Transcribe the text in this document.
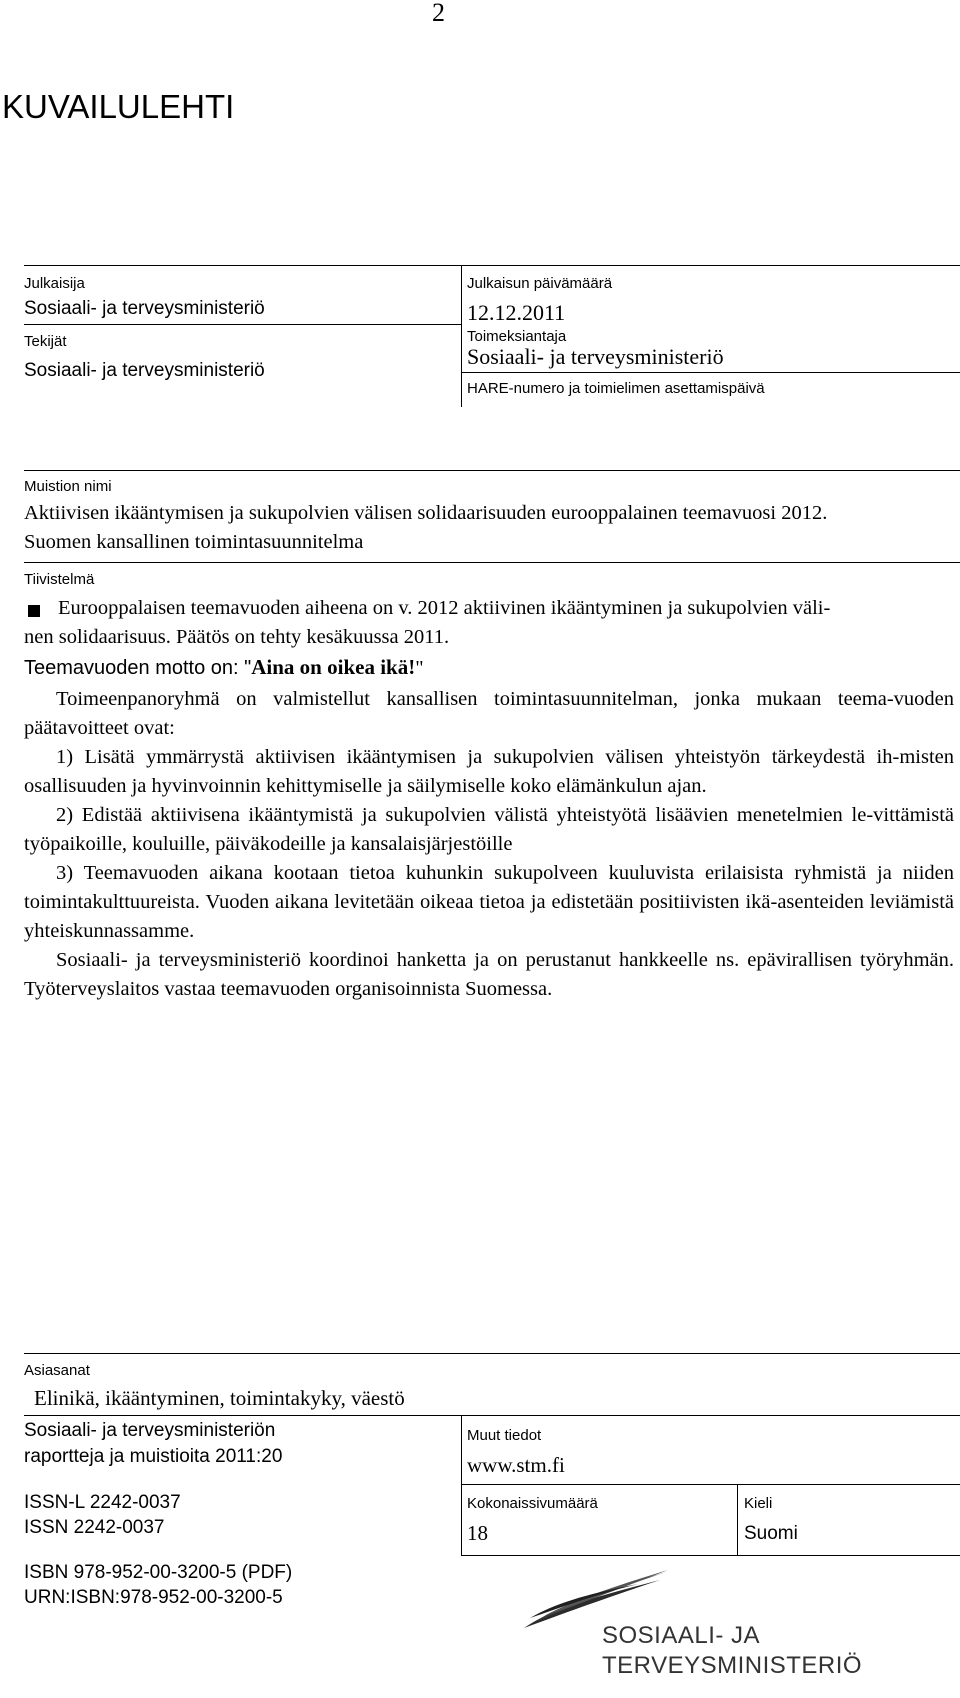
2
KUVAILULEHTI
Julkaisija
Sosiaali- ja terveysministeriö
Tekijät
Sosiaali- ja terveysministeriö
Julkaisun päivämäärä
12.12.2011
Toimeksiantaja
Sosiaali- ja terveysministeriö
HARE-numero ja toimielimen asettamispäivä
Muistion nimi
Aktiivisen ikääntymisen ja sukupolvien välisen solidaarisuuden eurooppalainen teemavuosi 2012.
Suomen kansallinen toimintasuunnitelma
Tiivistelmä
Eurooppalaisen teemavuoden aiheena on v. 2012 aktiivinen ikääntyminen ja sukupolvien väli-
nen solidaarisuus. Päätös on tehty kesäkuussa 2011.
Teemavuoden motto on: "Aina on oikea ikä!"

Toimeenpanoryhmä on valmistellut kansallisen toimintasuunnitelman, jonka mukaan teema-vuoden päätavoitteet ovat:

1) Lisätä ymmärrystä aktiivisen ikääntymisen ja sukupolvien välisen yhteistyön tärkeydestä ih-misten osallisuuden ja hyvinvoinnin kehittymiselle ja säilymiselle koko elämänkulun ajan.

2) Edistää aktiivisena ikääntymistä ja sukupolvien välistä yhteistyötä lisäävien menetelmien le-vittämistä työpaikoille, kouluille, päiväkodeille ja kansalaisjärjestöille

3) Teemavuoden aikana kootaan tietoa kuhunkin sukupolveen kuuluvista erilaisista ryhmistä ja niiden toimintakulttuureista. Vuoden aikana levitetään oikeaa tietoa ja edistetään positiivisten ikä-asenteiden leviämistä yhteiskunnassamme.

Sosiaali- ja terveysministeriö koordinoi hanketta ja on perustanut hankkeelle ns. epävirallisen työryhmän. Työterveyslaitos vastaa teemavuoden organisoinnista Suomessa.

Asiasanat
Elinikä, ikääntyminen, toimintakyky, väestö
Sosiaali- ja terveysministeriön
raportteja ja muistioita 2011:20
ISSN-L 2242-0037
ISSN 2242-0037
ISBN 978-952-00-3200-5 (PDF)
URN:ISBN:978-952-00-3200-5
Muut tiedot
www.stm.fi
Kokonaissivumäärä
18
Kieli
Suomi
SOSIAALI- JA
TERVEYSMINISTERIÖ
